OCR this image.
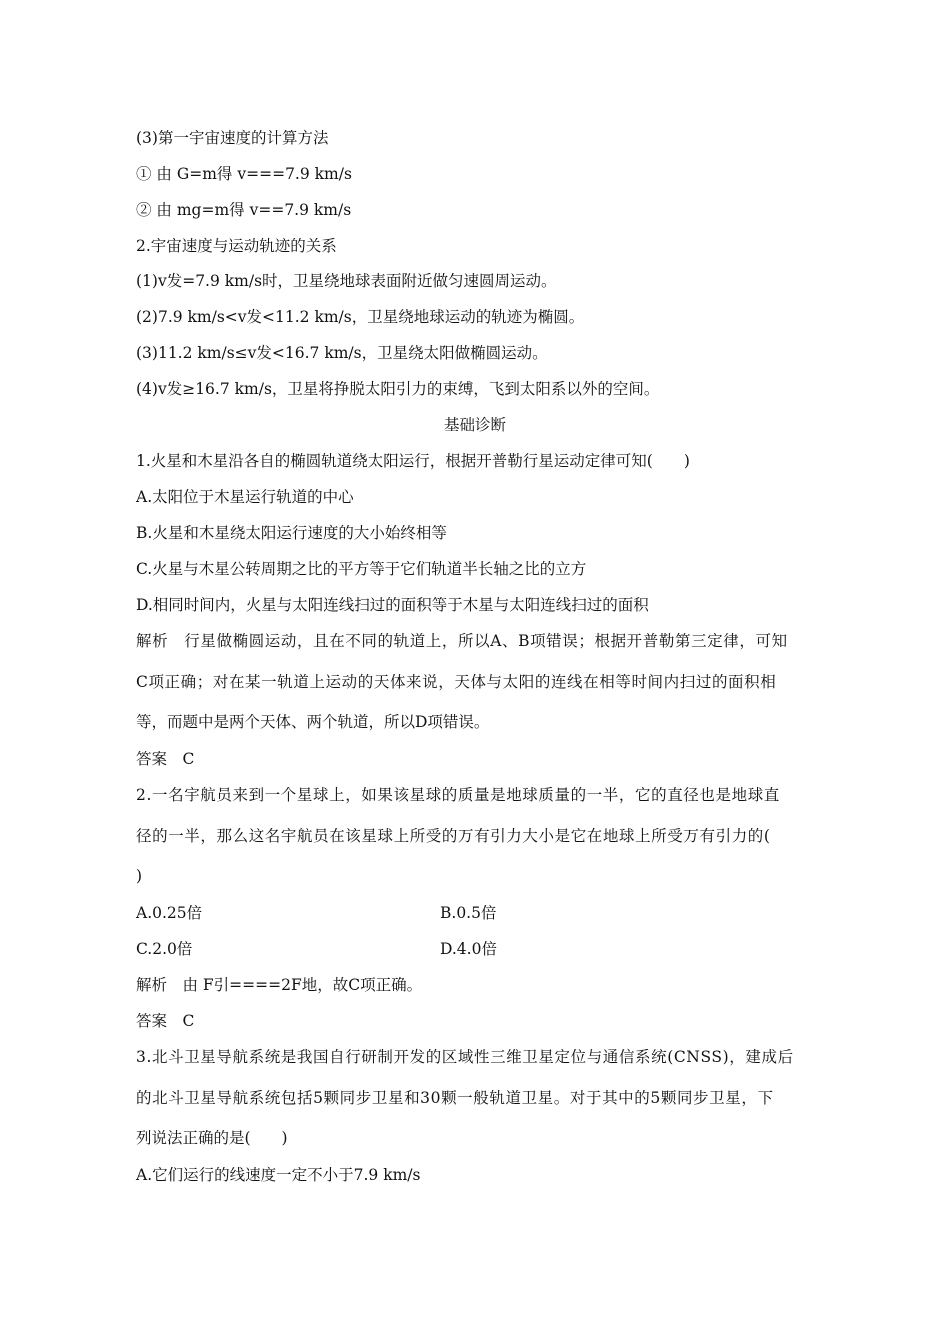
(3)第一宇宙速度的计算方法
① 由 G=m得 v===7.9 km/s
② 由 mg=m得 v==7.9 km/s
2.宇宙速度与运动轨迹的关系
(1)v发=7.9 km/s时，卫星绕地球表面附近做匀速圆周运动。
(2)7.9 km/s<v发<11.2 km/s，卫星绕地球运动的轨迹为椭圆。
(3)11.2 km/s≤v发<16.7 km/s，卫星绕太阳做椭圆运动。
(4)v发≥16.7 km/s，卫星将挣脱太阳引力的束缚，飞到太阳系以外的空间。
基础诊断
1.火星和木星沿各自的椭圆轨道绕太阳运行，根据开普勒行星运动定律可知(　　)
A.太阳位于木星运行轨道的中心
B.火星和木星绕太阳运行速度的大小始终相等
C.火星与木星公转周期之比的平方等于它们轨道半长轴之比的立方
D.相同时间内，火星与太阳连线扫过的面积等于木星与太阳连线扫过的面积
解析　行星做椭圆运动，且在不同的轨道上，所以A、B项错误；根据开普勒第三定律，可知
C项正确；对在某一轨道上运动的天体来说，天体与太阳的连线在相等时间内扫过的面积相
等，而题中是两个天体、两个轨道，所以D项错误。
答案　C
2.一名宇航员来到一个星球上，如果该星球的质量是地球质量的一半，它的直径也是地球直
径的一半，那么这名宇航员在该星球上所受的万有引力大小是它在地球上所受万有引力的(
)
A.0.25倍	B.0.5倍
C.2.0倍	D.4.0倍
解析　由 F引====2F地，故C项正确。
答案　C
3.北斗卫星导航系统是我国自行研制开发的区域性三维卫星定位与通信系统(CNSS)，建成后
的北斗卫星导航系统包括5颗同步卫星和30颗一般轨道卫星。对于其中的5颗同步卫星，下
列说法正确的是(　　)
A.它们运行的线速度一定不小于7.9 km/s
